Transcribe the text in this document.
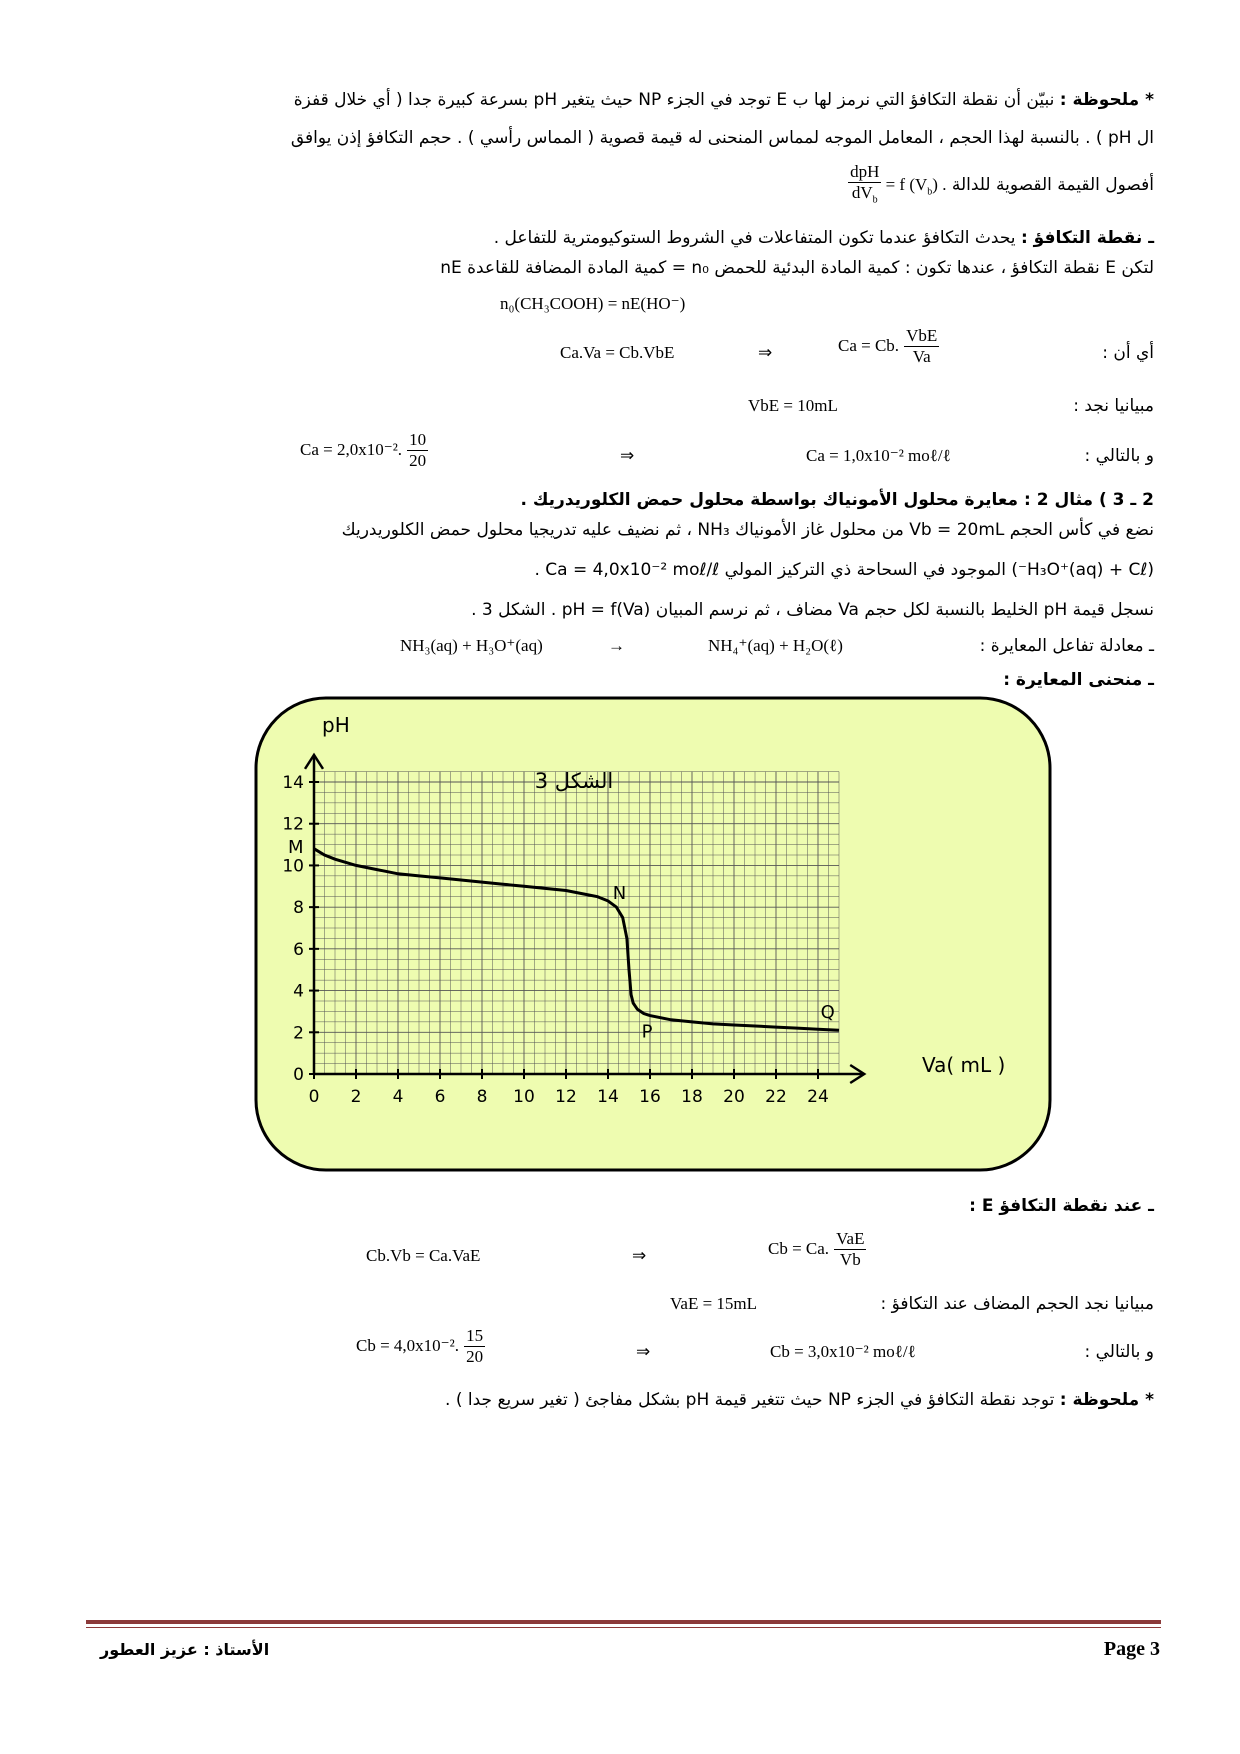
* ملحوظة : نبيّن أن نقطة التكافؤ التي نرمز لها ب E توجد في الجزء NP حيث يتغير pH بسرعة كبيرة جدا ( أي خلال قفزة
ال pH ) . بالنسبة لهذا الحجم ، المعامل الموجه لمماس المنحنى له قيمة قصوية ( المماس رأسي ) . حجم التكافؤ إذن يوافق
أفصول القيمة القصوية للدالة
$\frac{\text{dpH}}{dV_b} = f$ $(V_b)$ .
ـ نقطة التكافؤ : يحدث التكافؤ عندما تكون المتفاعلات في الشروط الستوكيومترية للتفاعل .
لتكن E نقطة التكافؤ ، عندها تكون : كمية المادة البدئية للحمض n₀ = كمية المادة المضافة للقاعدة nE
n₀(CH₃COOH) = nE(HO⁻)
أي أن :
Ca.Va = Cb.VbE	⇒	Ca = Cb. $\frac{\text{VbE}}{Va}$
مبيانيا نجد :
VbE = 10mL
و بالتالي :
Ca = 2,0x10⁻². $\frac{10}{20}$	⇒	Ca = 1,0x10⁻² moℓ/ℓ
2 ـ 3 ) مثال 2 : معايرة محلول الأمونياك بواسطة محلول حمض الكلوريدريك .
نضع في كأس الحجم Vb = 20mL من محلول غاز الأمونياك NH₃ ، ثم نضيف عليه تدريجيا محلول حمض الكلوريدريك
(H₃O⁺(aq) + Cℓ⁻) الموجود في السحاحة ذي التركيز المولي Ca = 4,0x10⁻² moℓ/ℓ .
نسجل قيمة pH الخليط بالنسبة لكل حجم Va مضاف ، ثم نرسم المبيان pH = f(Va) . الشكل 3 .
ـ معادلة تفاعل المعايرة :
NH₃(aq) + H₃O⁺(aq)	→	NH₄⁺(aq) + H₂O(ℓ)
ـ منحنى المعايرة :
0 2 4 6 8 10 12 14 16 18 20 22 24
0
2
4
6
8
10
12
14
M
N
P
Q
الشكل 3
pH
Va( mL )
ـ عند نقطة التكافؤ E :
Cb.Vb = Ca.VaE	⇒	Cb = Ca. $\frac{\text{VaE}}{Vb}$
مبيانيا نجد الحجم المضاف عند التكافؤ :
VaE = 15mL
و بالتالي :
Cb = 4,0x10⁻². $\frac{15}{20}$	⇒	Cb = 3,0x10⁻² moℓ/ℓ
* ملحوظة : توجد نقطة التكافؤ في الجزء NP حيث تتغير قيمة pH بشكل مفاجئ ( تغير سريع جدا ) .
Page 3
الأستاذ : عزيز العطور
